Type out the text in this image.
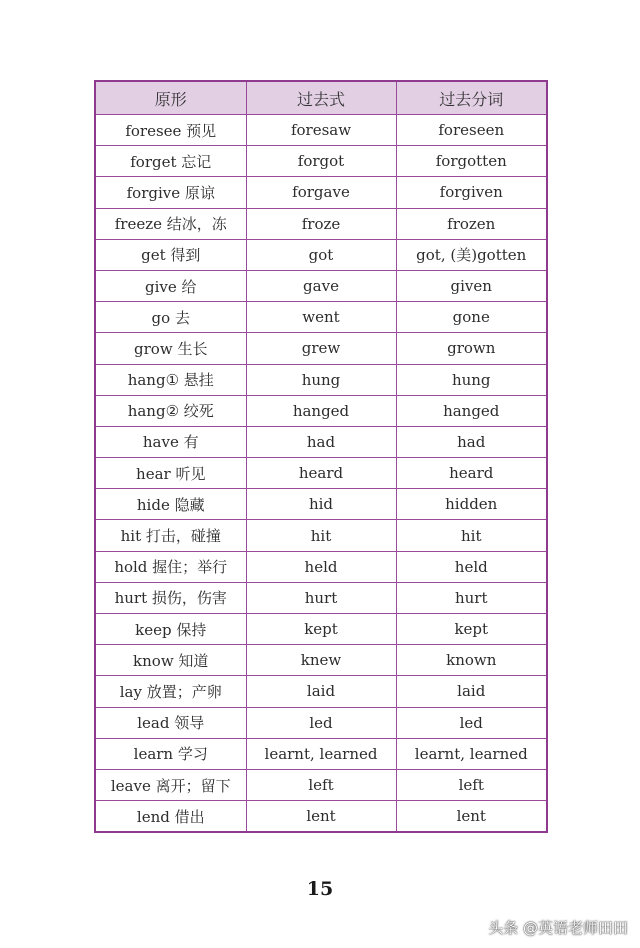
原形	过去式	过去分词
foresee 预见	foresaw	foreseen
forget 忘记	forgot	forgotten
forgive 原谅	forgave	forgiven
freeze 结冰，冻	froze	frozen
get 得到	got	got, (美)gotten
give 给	gave	given
go 去	went	gone
grow 生长	grew	grown
hang① 悬挂	hung	hung
hang② 绞死	hanged	hanged
have 有	had	had
hear 听见	heard	heard
hide 隐藏	hid	hidden
hit 打击，碰撞	hit	hit
hold 握住；举行	held	held
hurt 损伤，伤害	hurt	hurt
keep 保持	kept	kept
know 知道	knew	known
lay 放置；产卵	laid	laid
lead 领导	led	led
learn 学习	learnt, learned	learnt, learned
leave 离开；留下	left	left
lend 借出	lent	lent
15
头条 @英语老师田田
